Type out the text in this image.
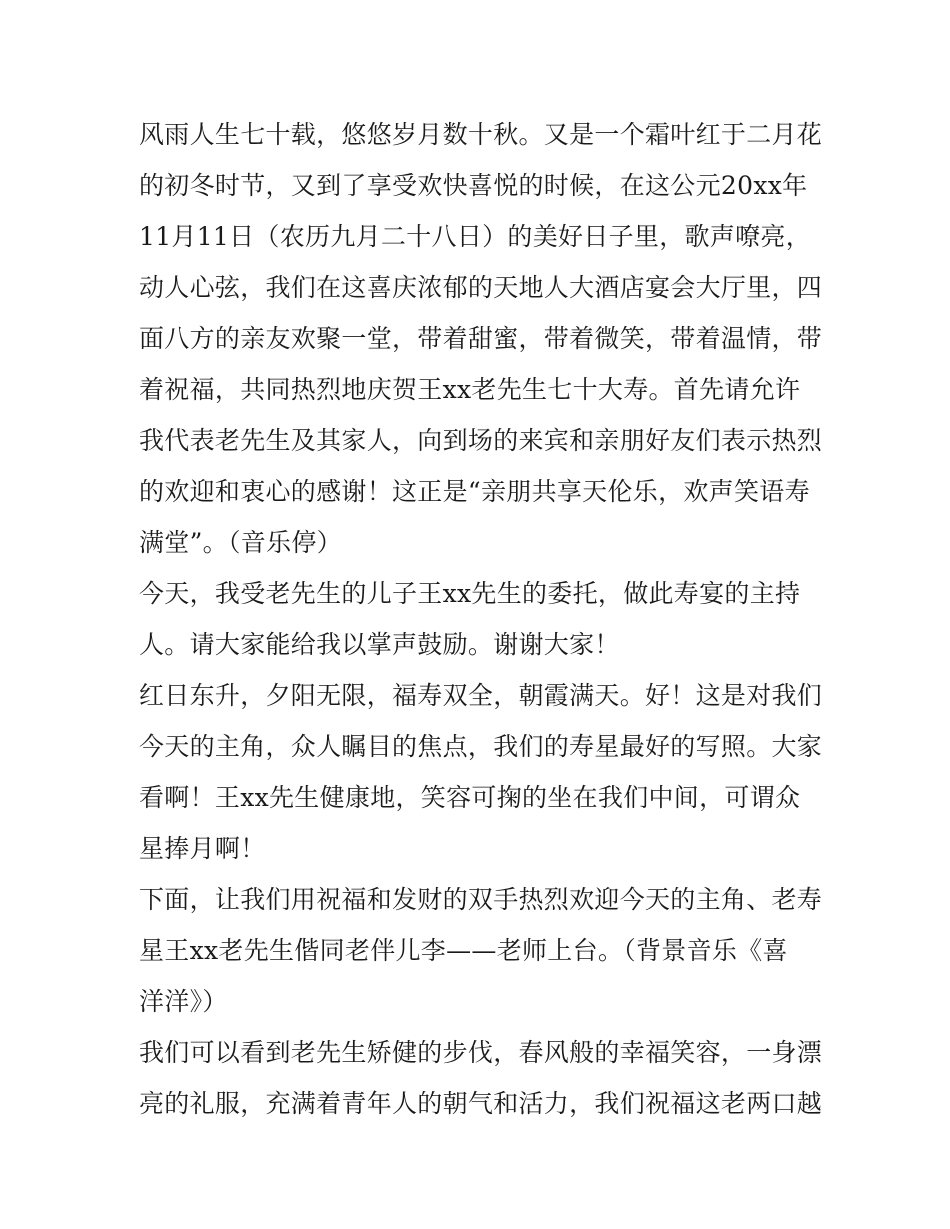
风雨人生七十载，悠悠岁月数十秋。又是一个霜叶红于二月花
的初冬时节，又到了享受欢快喜悦的时候，在这公元20xx年
11月11日（农历九月二十八日）的美好日子里，歌声嘹亮，
动人心弦，我们在这喜庆浓郁的天地人大酒店宴会大厅里，四
面八方的亲友欢聚一堂，带着甜蜜，带着微笑，带着温情，带
着祝福，共同热烈地庆贺王xx老先生七十大寿。首先请允许
我代表老先生及其家人，向到场的来宾和亲朋好友们表示热烈
的欢迎和衷心的感谢！这正是“亲朋共享天伦乐，欢声笑语寿
满堂”。（音乐停）
今天，我受老先生的儿子王xx先生的委托，做此寿宴的主持
人。请大家能给我以掌声鼓励。谢谢大家！
红日东升，夕阳无限，福寿双全，朝霞满天。好！这是对我们
今天的主角，众人瞩目的焦点，我们的寿星最好的写照。大家
看啊！王xx先生健康地，笑容可掬的坐在我们中间，可谓众
星捧月啊！
下面，让我们用祝福和发财的双手热烈欢迎今天的主角、老寿
星王xx老先生偕同老伴儿李——老师上台。（背景音乐《喜
洋洋》）
我们可以看到老先生矫健的步伐，春风般的幸福笑容，一身漂
亮的礼服，充满着青年人的朝气和活力，我们祝福这老两口越
